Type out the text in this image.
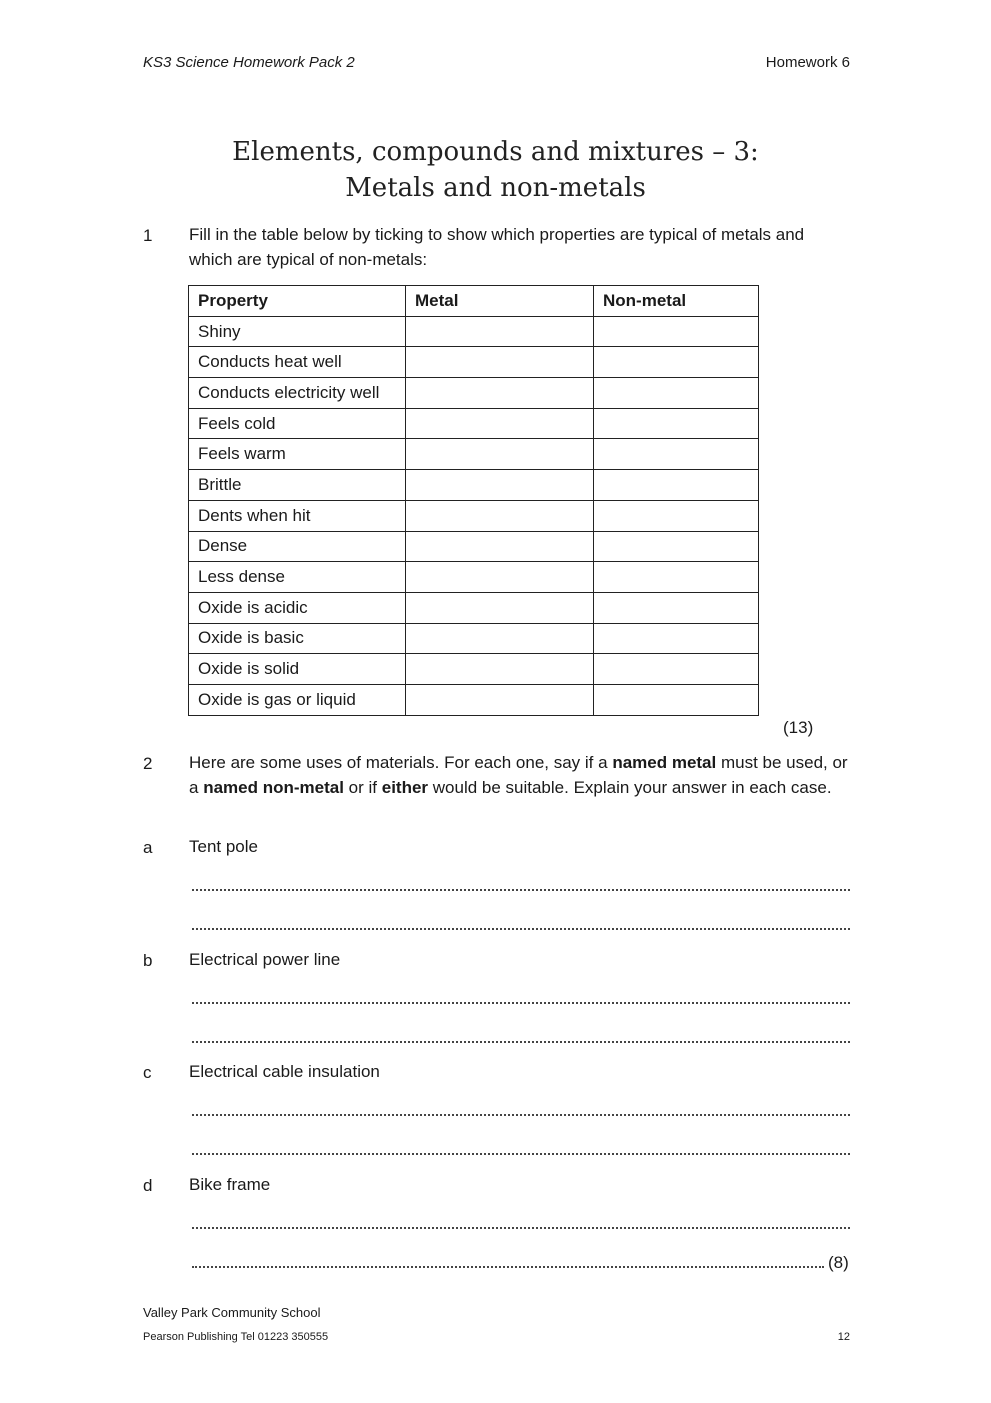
KS3 Science Homework Pack 2	Homework 6
Elements, compounds and mixtures – 3:
Metals and non-metals
1 Fill in the table below by ticking to show which properties are typical of metals and which are typical of non-metals:
Property	Metal	Non-metal
Shiny		
Conducts heat well		
Conducts electricity well		
Feels cold		
Feels warm		
Brittle		
Dents when hit		
Dense		
Less dense		
Oxide is acidic		
Oxide is basic		
Oxide is solid		
Oxide is gas or liquid		
(13)
2 Here are some uses of materials. For each one, say if a named metal must be used, or a named non-metal or if either would be suitable. Explain your answer in each case.
a Tent pole
b Electrical power line
c Electrical cable insulation
d Bike frame
(8)
Valley Park Community School
Pearson Publishing Tel 01223 350555	12
